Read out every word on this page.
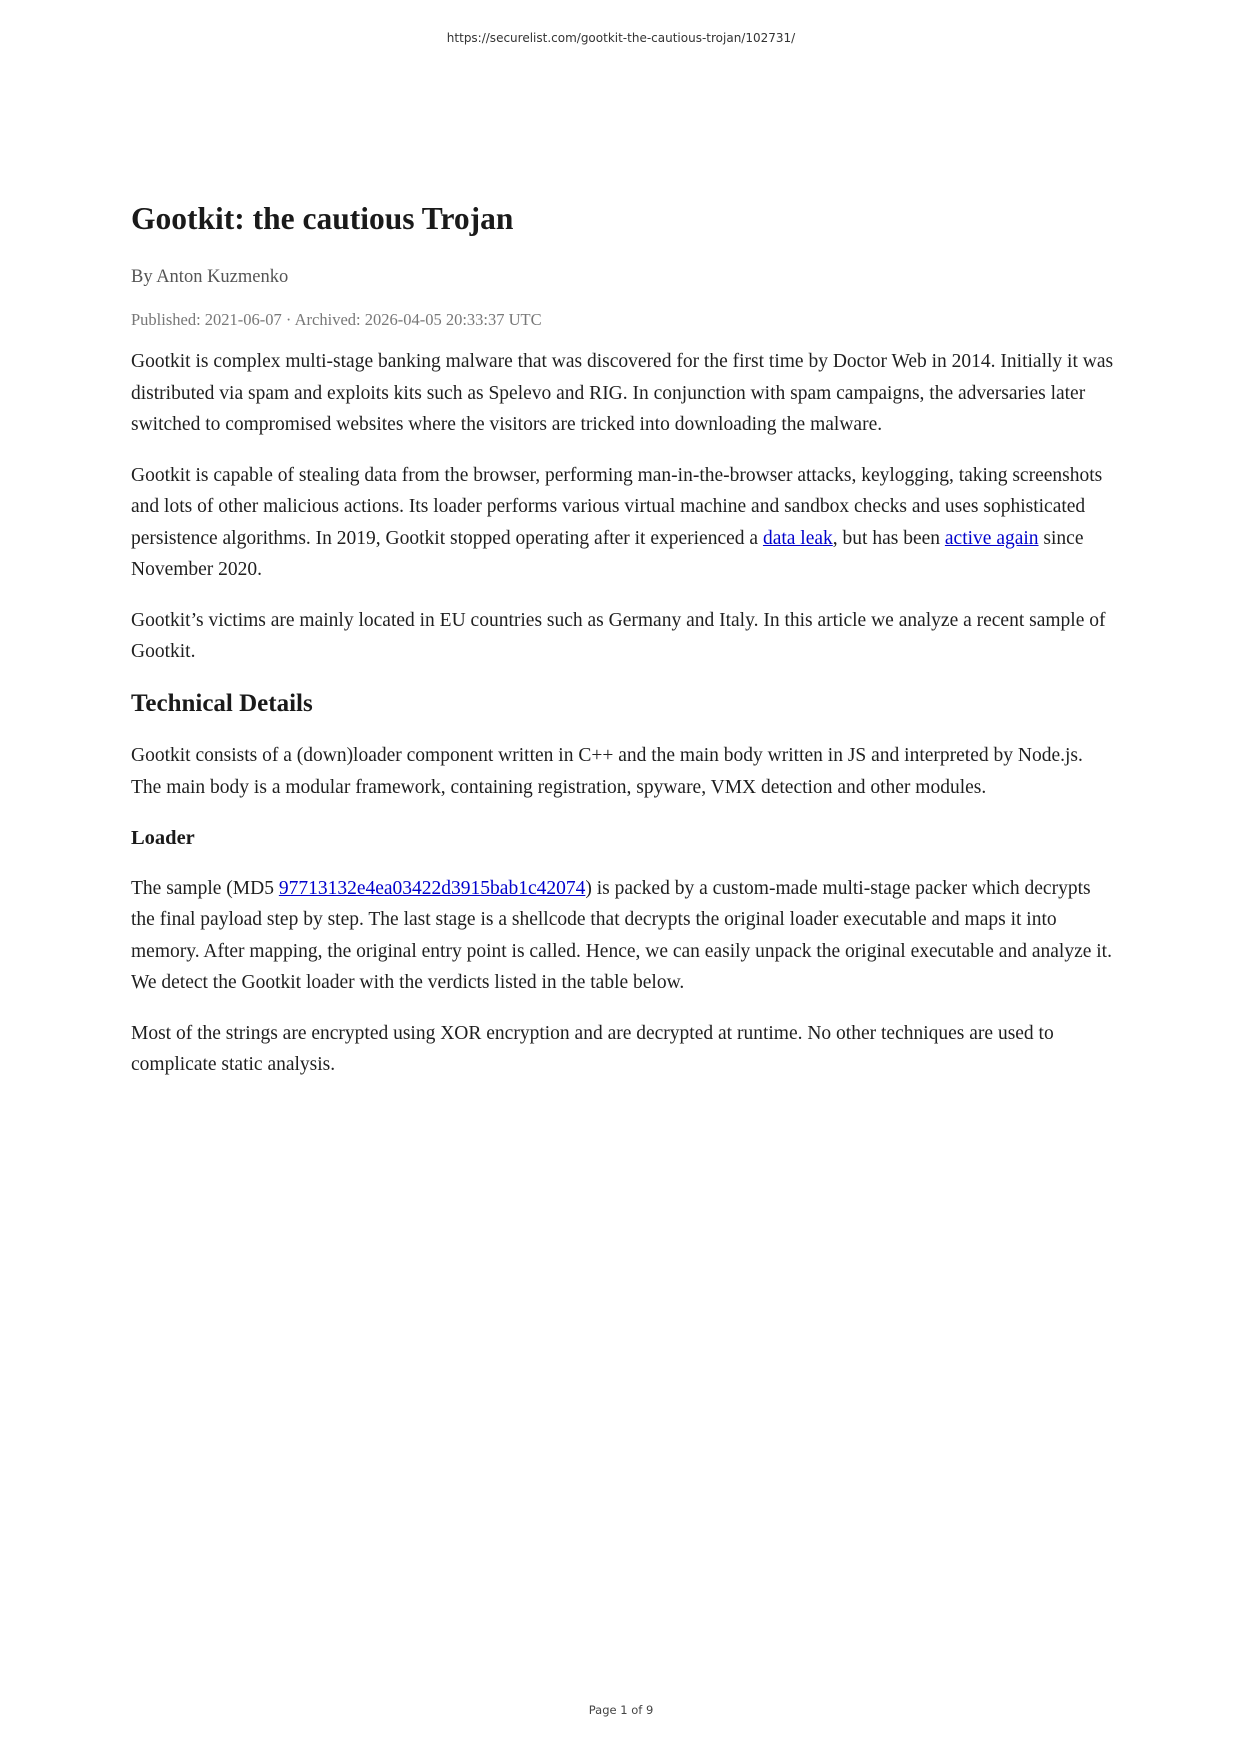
https://securelist.com/gootkit-the-cautious-trojan/102731/
Gootkit: the cautious Trojan
By Anton Kuzmenko
Published: 2021-06-07 · Archived: 2026-04-05 20:33:37 UTC

Gootkit is complex multi-stage banking malware that was discovered for the first time by Doctor Web in 2014. Initially it was distributed via spam and exploits kits such as Spelevo and RIG. In conjunction with spam campaigns, the adversaries later switched to compromised websites where the visitors are tricked into downloading the malware.

Gootkit is capable of stealing data from the browser, performing man-in-the-browser attacks, keylogging, taking screenshots and lots of other malicious actions. Its loader performs various virtual machine and sandbox checks and uses sophisticated persistence algorithms. In 2019, Gootkit stopped operating after it experienced a data leak, but has been active again since November 2020.

Gootkit’s victims are mainly located in EU countries such as Germany and Italy. In this article we analyze a recent sample of Gootkit.

Technical Details

Gootkit consists of a (down)loader component written in C++ and the main body written in JS and interpreted by Node.js. The main body is a modular framework, containing registration, spyware, VMX detection and other modules.

Loader

The sample (MD5 97713132e4ea03422d3915bab1c42074) is packed by a custom-made multi-stage packer which decrypts the final payload step by step. The last stage is a shellcode that decrypts the original loader executable and maps it into memory. After mapping, the original entry point is called. Hence, we can easily unpack the original executable and analyze it. We detect the Gootkit loader with the verdicts listed in the table below.

Most of the strings are encrypted using XOR encryption and are decrypted at runtime. No other techniques are used to complicate static analysis.

Page 1 of 9
